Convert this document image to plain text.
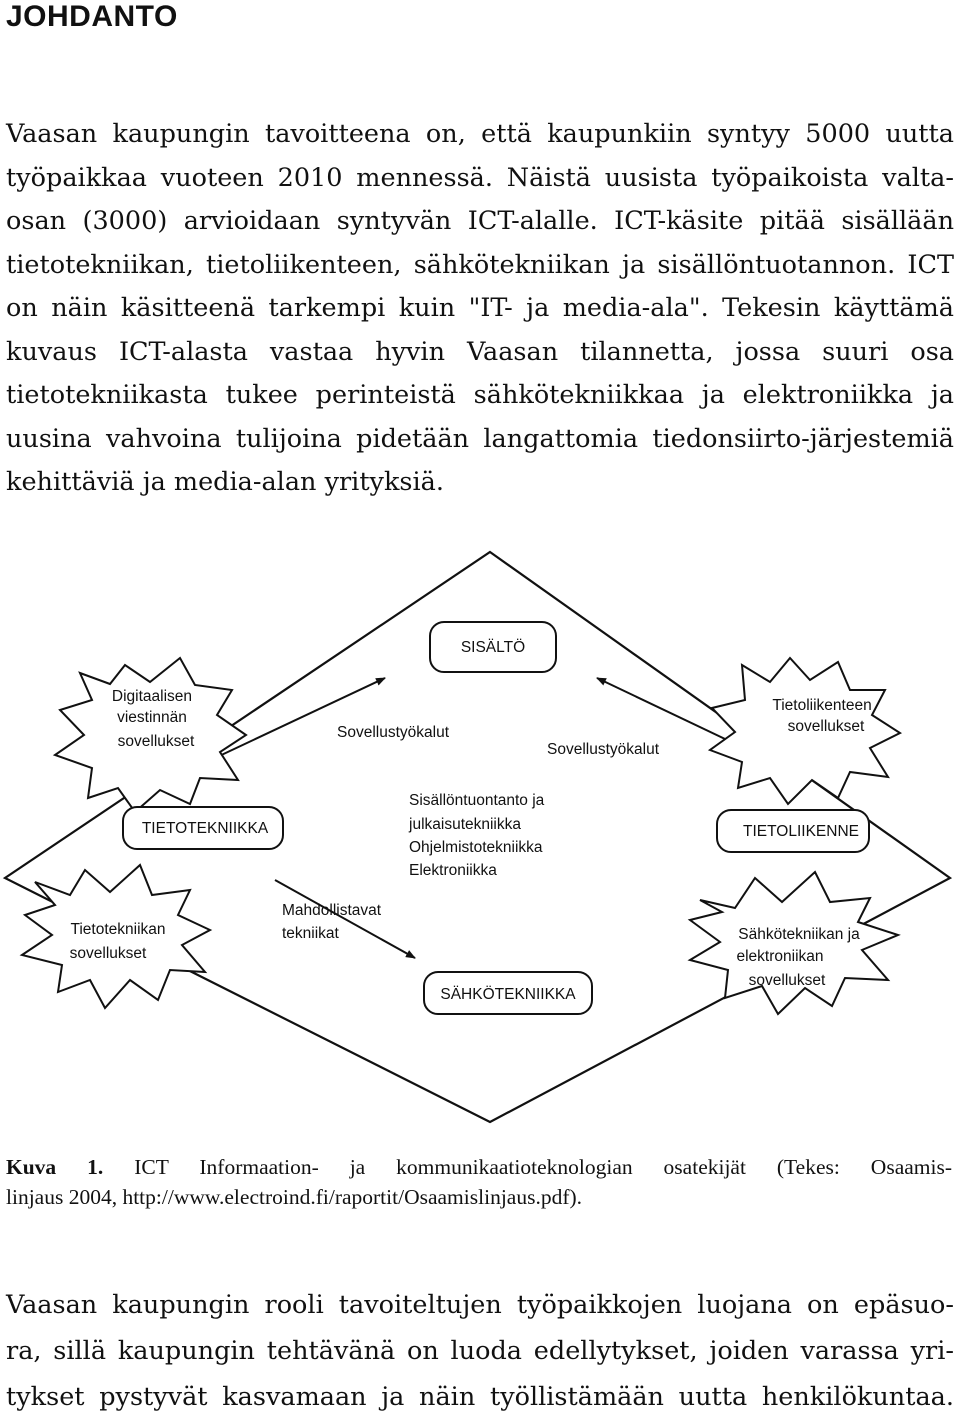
JOHDANTO
Vaasan kaupungin tavoitteena on, että kaupunkiin syntyy 5000 uutta
työpaikkaa vuoteen 2010 mennessä. Näistä uusista työpaikoista valta-
osan (3000) arvioidaan syntyvän ICT-alalle. ICT-käsite pitää sisällään
tietotekniikan, tietoliikenteen, sähkötekniikan ja sisällöntuotannon. ICT
on näin käsitteenä tarkempi kuin "IT- ja media-ala". Tekesin käyttämä
kuvaus ICT-alasta vastaa hyvin Vaasan tilannetta, jossa suuri osa
tietotekniikasta tukee perinteistä sähkötekniikkaa ja elektroniikka ja
uusina vahvoina tulijoina pidetään langattomia tiedonsiirto-järjestemiä
kehittäviä ja media-alan yrityksiä.
Digitaalisen
viestinnän
sovellukset
Tietoliikenteen
sovellukset
Tietotekniikan
sovellukset
Sähkötekniikan ja
elektroniikan
sovellukset
SISÄLTÖ
TIETOTEKNIIKKA	TIETOLIIKENNE
SÄHKÖTEKNIIKKA
Sovellustyökalut
Sovellustyökalut
Sisällöntuontanto ja
julkaisutekniikka
Ohjelmistotekniikka
Elektroniikka
Mahdollistavat
tekniikat
Kuva 1. ICT Informaation- ja kommunikaatioteknologian osatekijät (Tekes: Osaamis-
linjaus 2004, http://www.electroind.fi/raportit/Osaamislinjaus.pdf).
Vaasan kaupungin rooli tavoiteltujen työpaikkojen luojana on epäsuo-
ra, sillä kaupungin tehtävänä on luoda edellytykset, joiden varassa yri-
tykset pystyvät kasvamaan ja näin työllistämään uutta henkilökuntaa.
